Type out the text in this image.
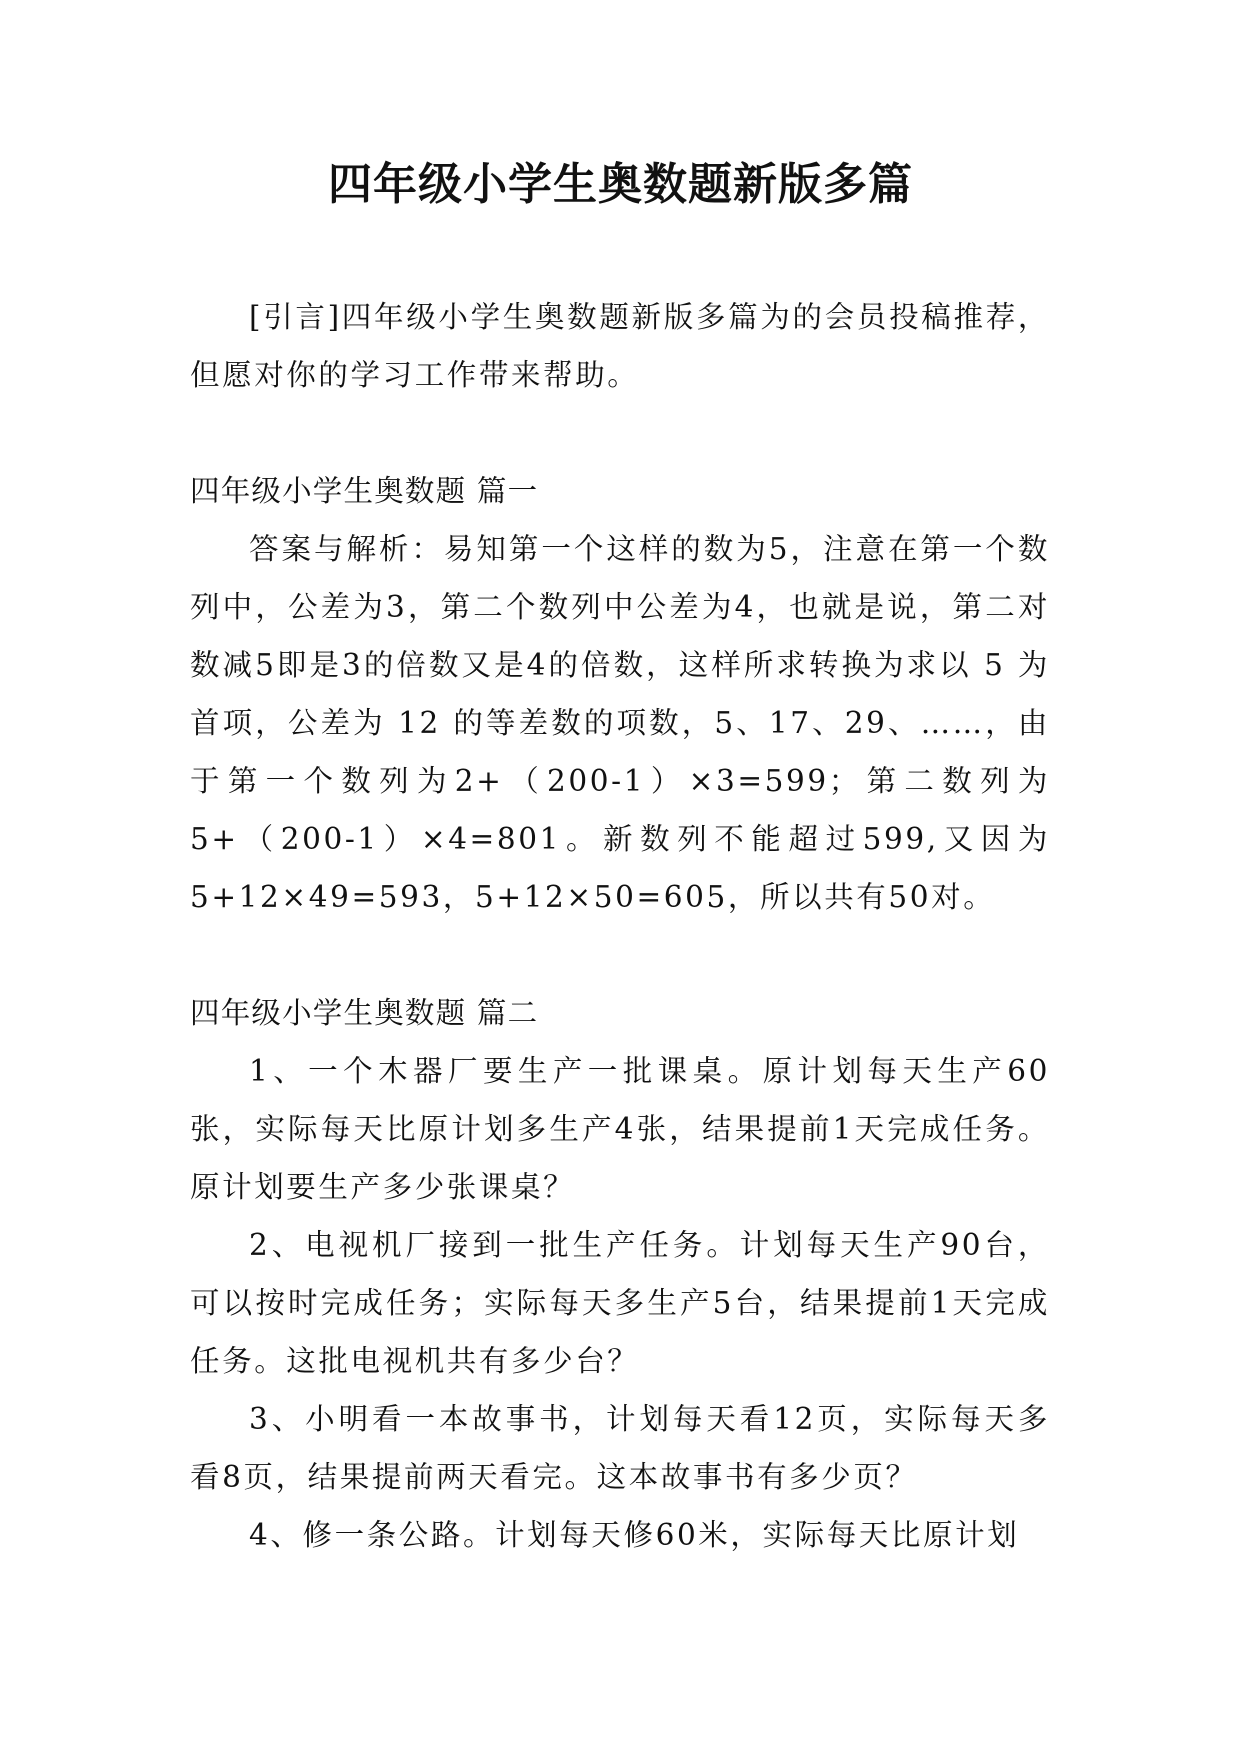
四年级小学生奥数题新版多篇

[引言]四年级小学生奥数题新版多篇为的会员投稿推荐，但愿对你的学习工作带来帮助。

四年级小学生奥数题 篇一

答案与解析：易知第一个这样的数为5，注意在第一个数列中，公差为3，第二个数列中公差为4，也就是说，第二对数减5即是3的倍数又是4的倍数，这样所求转换为求以 5 为首项，公差为 12 的等差数的项数，5、17、29、……，由于第一个数列为2+（200-1）×3=599；第二数列为5+（200-1）×4=801。新数列不能超过599,又因为5+12×49=593，5+12×50=605，所以共有50对。

四年级小学生奥数题 篇二

1、一个木器厂要生产一批课桌。原计划每天生产60张，实际每天比原计划多生产4张，结果提前1天完成任务。原计划要生产多少张课桌？

2、电视机厂接到一批生产任务。计划每天生产90台，可以按时完成任务；实际每天多生产5台，结果提前1天完成任务。这批电视机共有多少台？

3、小明看一本故事书，计划每天看12页，实际每天多看8页，结果提前两天看完。这本故事书有多少页？

4、修一条公路。计划每天修60米，实际每天比原计划
